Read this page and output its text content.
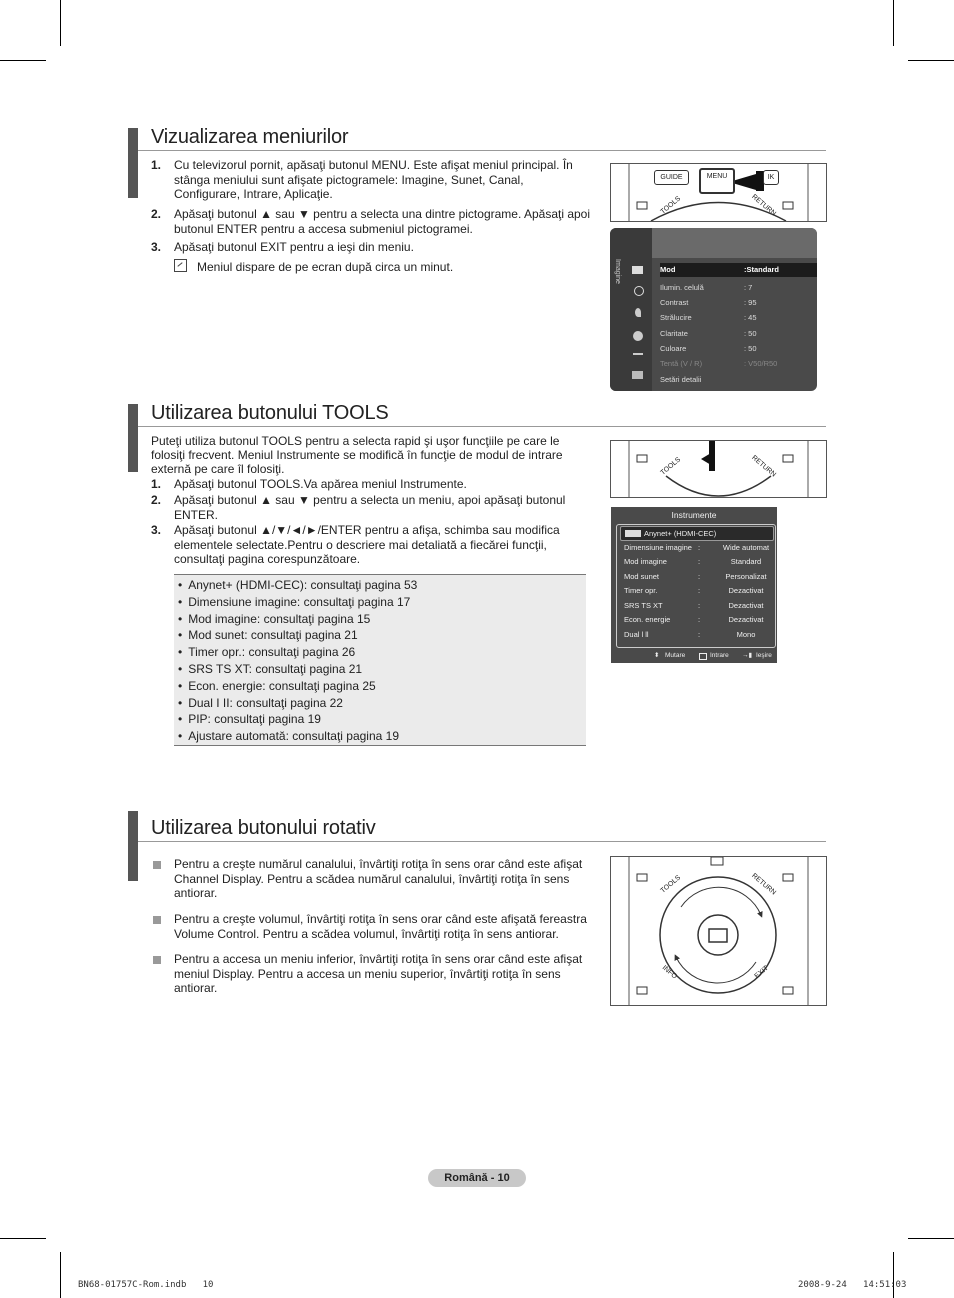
Vizualizarea meniurilor
1. Cu televizorul pornit, apăsaţi butonul MENU. Este afişat meniul principal. În stânga meniului sunt afişate pictogramele: Imagine, Sunet, Canal, Configurare, Intrare, Aplicaţie.
2. Apăsaţi butonul ▲ sau ▼ pentru a selecta una dintre pictograme. Apăsaţi apoi butonul ENTER pentru a accesa submeniul pictogramei.
3. Apăsaţi butonul EXIT pentru a ieşi din meniu.
Meniul dispare de pe ecran după circa un minut.
GUIDE	MENU	IK
TOOLS	RETURN
Imagine	Mod	:Standard
Ilumin. celulă	: 7
Contrast	: 95
Strălucire	: 45
Claritate	: 50
Culoare	: 50
Tentă (V / R)	: V50/R50
Setări detalii
Utilizarea butonului TOOLS
Puteţi utiliza butonul TOOLS pentru a selecta rapid şi uşor funcţiile pe care le folosiţi frecvent. Meniul Instrumente se modifică în funcţie de modul de intrare externă pe care îl folosiţi.
1. Apăsaţi butonul TOOLS.Va apărea meniul Instrumente.
2. Apăsaţi butonul ▲ sau ▼ pentru a selecta un meniu, apoi apăsaţi butonul ENTER.
3. Apăsaţi butonul ▲/▼/◄/►/ENTER pentru a afişa, schimba sau modifica elementele selectate.Pentru o descriere mai detaliată a fiecărei funcţii, consultaţi pagina corespunzătoare.
• Anynet+ (HDMI-CEC): consultaţi pagina 53
• Dimensiune imagine: consultaţi pagina 17
• Mod imagine: consultaţi pagina 15
• Mod sunet: consultaţi pagina 21
• Timer opr.: consultaţi pagina 26
• SRS TS XT: consultaţi pagina 21
• Econ. energie: consultaţi pagina 25
• Dual I II: consultaţi pagina 22
• PIP: consultaţi pagina 19
• Ajustare automată: consultaţi pagina 19
TOOLS	RETURN
Instrumente
Anynet+ (HDMI-CEC)
Dimensiune imagine :	Wide automat
Mod imagine	:	Standard
Mod sunet	:	Personalizat
Timer opr.	:	Dezactivat
SRS TS XT	:	Dezactivat
Econ. energie	:	Dezactivat
Dual l ll	:	Mono
⬍ Mutare	Intrare →▮ Ieşire
Utilizarea butonului rotativ
Pentru a creşte numărul canalului, învârtiţi rotiţa în sens orar când este afişat Channel Display. Pentru a scădea numărul canalului, învârtiţi rotiţa în sens antiorar.
Pentru a creşte volumul, învârtiţi rotiţa în sens orar când este afişată fereastra Volume Control. Pentru a scădea volumul, învârtiţi rotiţa în sens antiorar.
Pentru a accesa un meniu inferior, învârtiţi rotiţa în sens orar când este afişat meniul Display. Pentru a accesa un meniu superior, învârtiţi rotiţa în sens antiorar.
TOOLS	RETURN
INFO	EXIT
Română - 10
BN68-01757C-Rom.indb   10	2008-9-24   14:51:03
